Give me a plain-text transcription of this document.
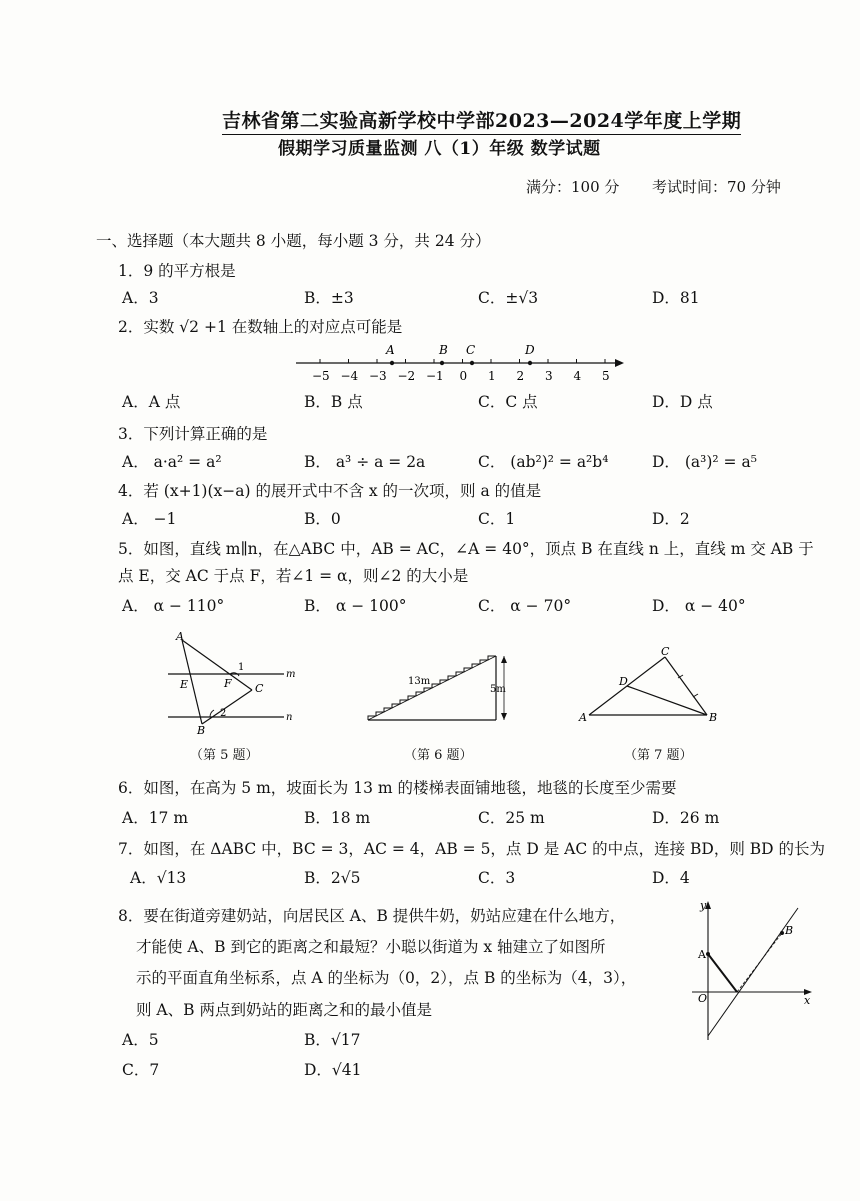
吉林省第二实验高新学校中学部2023—2024学年度上学期
假期学习质量监测 八（1）年级 数学试题
满分：100 分 考试时间：70 分钟
一、选择题（本大题共 8 小题，每小题 3 分，共 24 分）
1．9 的平方根是
A．3	B．±3	C．±√3	D．81
2．实数 √2 +1 在数轴上的对应点可能是
−5 −4 −3 −2 −1 0 1 2 3 4 5
A	B C	D
A．A 点	B．B 点	C．C 点	D．D 点
3．下列计算正确的是
A． a·a² = a²	B． a³ ÷ a = 2a	C． (ab²)² = a²b⁴	D． (a³)² = a⁵
4．若 (x+1)(x−a) 的展开式中不含 x 的一次项，则 a 的值是
A． −1	B．0	C．1	D．2
5．如图，直线 m∥n，在△ABC 中，AB = AC，∠A = 40°，顶点 B 在直线 n 上，直线 m 交 AB 于
点 E，交 AC 于点 F，若∠1 = α，则∠2 的大小是
A． α − 110°	B． α − 100°	C． α − 70°	D． α − 40°
A
E	F C
B
1
2
m
n
（第 5 题）
13m
5m
（第 6 题）
C
D
A	B
（第 7 题）
6．如图，在高为 5 m，坡面长为 13 m 的楼梯表面铺地毯，地毯的长度至少需要
A．17 m	B．18 m	C．25 m	D．26 m
7．如图，在 ΔABC 中，BC = 3，AC = 4，AB = 5，点 D 是 AC 的中点，连接 BD，则 BD 的长为
A．√13	B．2√5	C．3	D．4
8．要在街道旁建奶站，向居民区 A、B 提供牛奶，奶站应建在什么地方，
才能使 A、B 到它的距离之和最短？小聪以街道为 x 轴建立了如图所
示的平面直角坐标系，点 A 的坐标为（0，2），点 B 的坐标为（4，3），
则 A、B 两点到奶站的距离之和的最小值是
A．5	B．√17
C．7	D．√41
y
A
B
O	x
